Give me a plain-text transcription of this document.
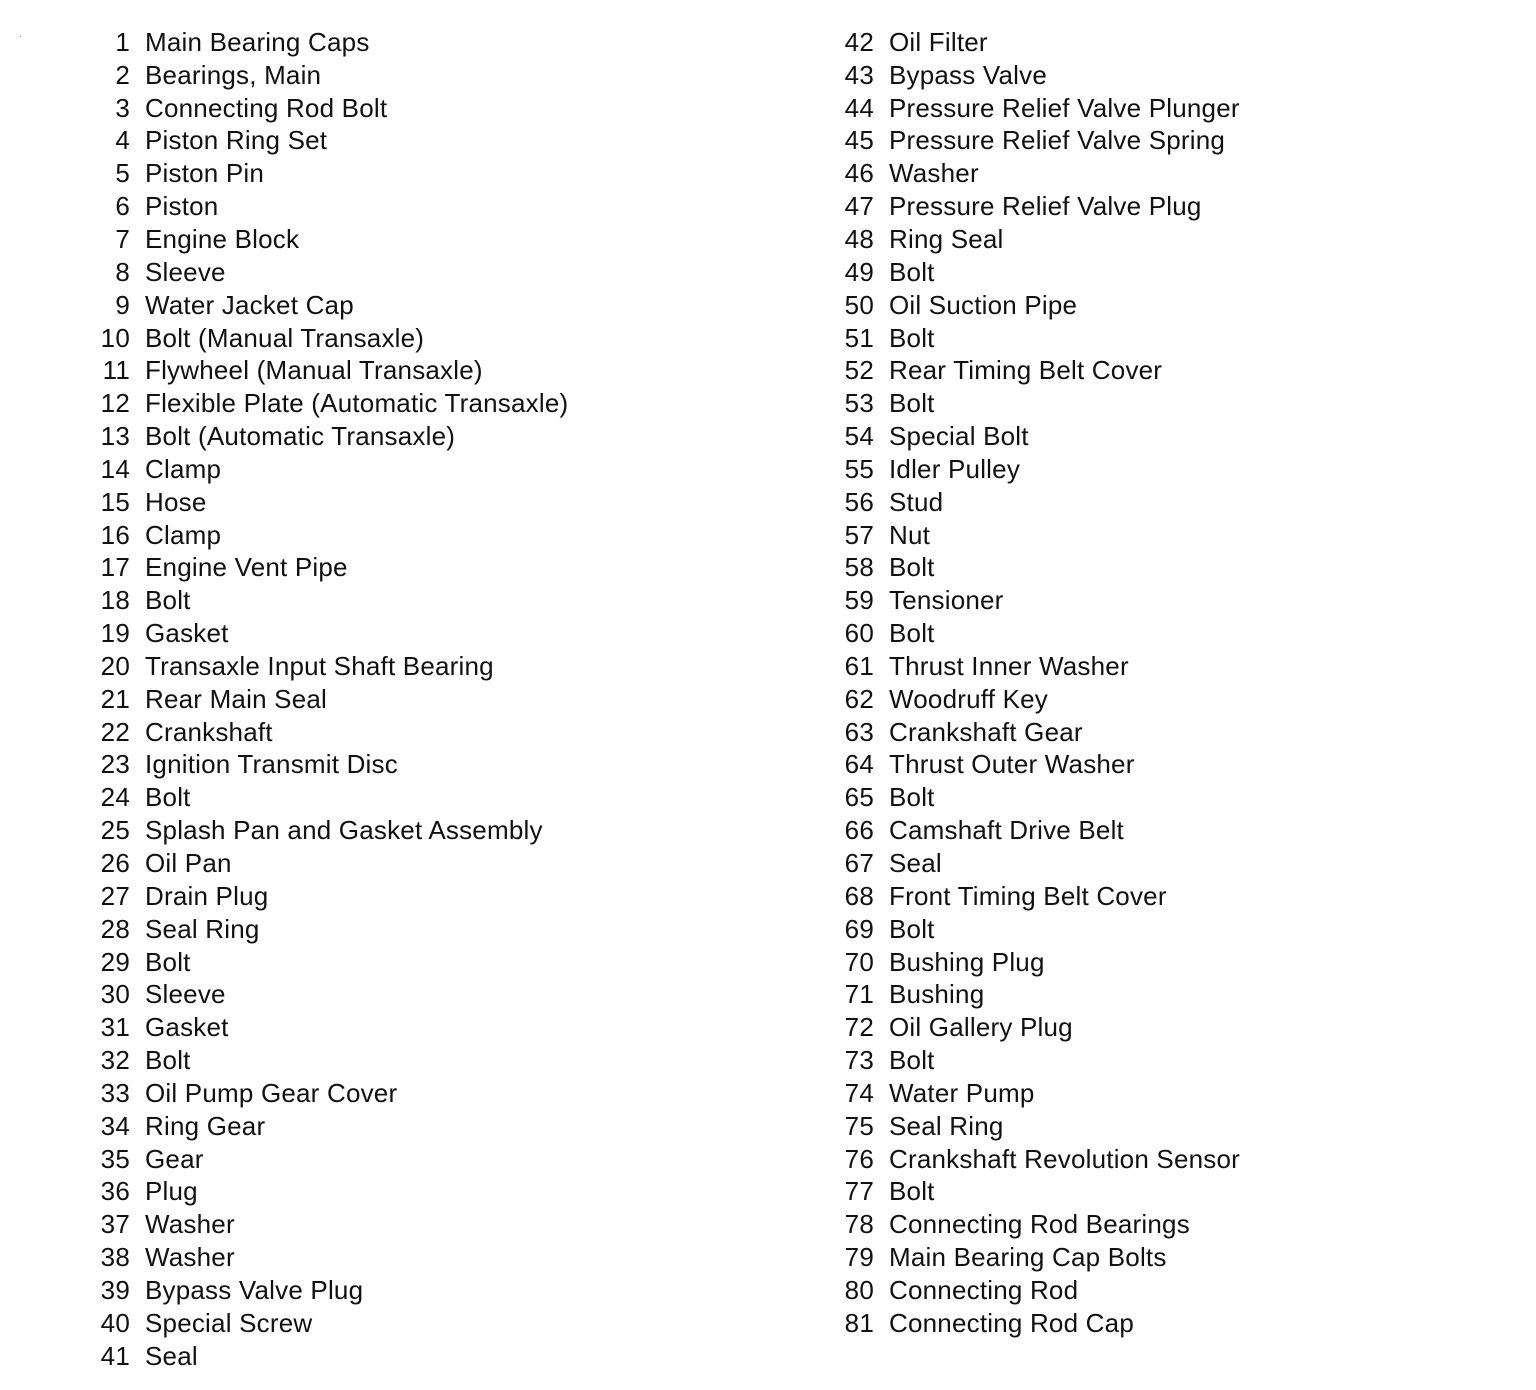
1 Main Bearing Caps
2 Bearings, Main
3 Connecting Rod Bolt
4 Piston Ring Set
5 Piston Pin
6 Piston
7 Engine Block
8 Sleeve
9 Water Jacket Cap
10 Bolt (Manual Transaxle)
11 Flywheel (Manual Transaxle)
12 Flexible Plate (Automatic Transaxle)
13 Bolt (Automatic Transaxle)
14 Clamp
15 Hose
16 Clamp
17 Engine Vent Pipe
18 Bolt
19 Gasket
20 Transaxle Input Shaft Bearing
21 Rear Main Seal
22 Crankshaft
23 Ignition Transmit Disc
24 Bolt
25 Splash Pan and Gasket Assembly
26 Oil Pan
27 Drain Plug
28 Seal Ring
29 Bolt
30 Sleeve
31 Gasket
32 Bolt
33 Oil Pump Gear Cover
34 Ring Gear
35 Gear
36 Plug
37 Washer
38 Washer
39 Bypass Valve Plug
40 Special Screw
41 Seal
42 Oil Filter
43 Bypass Valve
44 Pressure Relief Valve Plunger
45 Pressure Relief Valve Spring
46 Washer
47 Pressure Relief Valve Plug
48 Ring Seal
49 Bolt
50 Oil Suction Pipe
51 Bolt
52 Rear Timing Belt Cover
53 Bolt
54 Special Bolt
55 Idler Pulley
56 Stud
57 Nut
58 Bolt
59 Tensioner
60 Bolt
61 Thrust Inner Washer
62 Woodruff Key
63 Crankshaft Gear
64 Thrust Outer Washer
65 Bolt
66 Camshaft Drive Belt
67 Seal
68 Front Timing Belt Cover
69 Bolt
70 Bushing Plug
71 Bushing
72 Oil Gallery Plug
73 Bolt
74 Water Pump
75 Seal Ring
76 Crankshaft Revolution Sensor
77 Bolt
78 Connecting Rod Bearings
79 Main Bearing Cap Bolts
80 Connecting Rod
81 Connecting Rod Cap
